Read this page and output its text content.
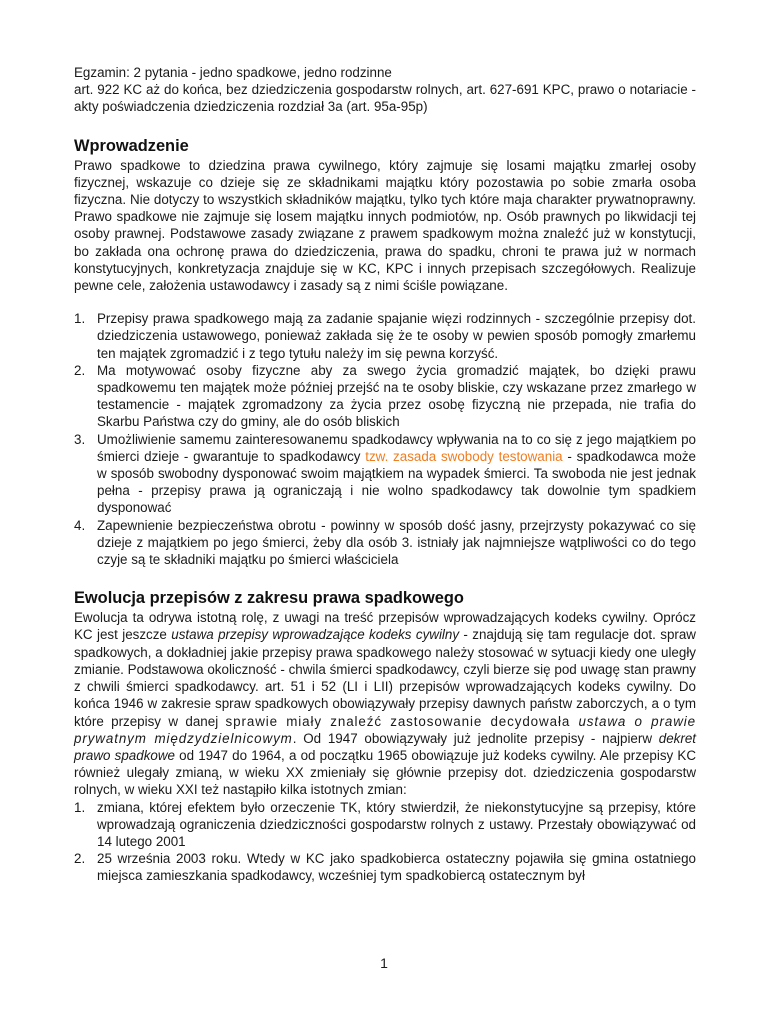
Egzamin: 2 pytania - jedno spadkowe, jedno rodzinne

art. 922 KC aż do końca, bez dziedziczenia gospodarstw rolnych, art. 627-691 KPC, prawo o notariacie - akty poświadczenia dziedziczenia rozdział 3a (art. 95a-95p)

Wprowadzenie

Prawo spadkowe to dziedzina prawa cywilnego, który zajmuje się losami majątku zmarłej osoby fizycznej, wskazuje co dzieje się ze składnikami majątku który pozostawia po sobie zmarła osoba fizyczna. Nie dotyczy to wszystkich składników majątku, tylko tych które maja charakter prywatnoprawny. Prawo spadkowe nie zajmuje się losem majątku innych podmiotów, np. Osób prawnych po likwidacji tej osoby prawnej. Podstawowe zasady związane z prawem spadkowym można znaleźć już w konstytucji, bo zakłada ona ochronę prawa do dziedziczenia, prawa do spadku, chroni te prawa już w normach konstytucyjnych, konkretyzacja znajduje się w KC, KPC i innych przepisach szczegółowych. Realizuje pewne cele, założenia ustawodawcy i zasady są z nimi ściśle powiązane.

1. Przepisy prawa spadkowego mają za zadanie spajanie więzi rodzinnych - szczególnie przepisy dot. dziedziczenia ustawowego, ponieważ zakłada się że te osoby w pewien sposób pomogły zmarłemu ten majątek zgromadzić i z tego tytułu należy im się pewna korzyść.
2. Ma motywować osoby fizyczne aby za swego życia gromadzić majątek, bo dzięki prawu spadkowemu ten majątek może później przejść na te osoby bliskie, czy wskazane przez zmarłego w testamencie - majątek zgromadzony za życia przez osobę fizyczną nie przepada, nie trafia do Skarbu Państwa czy do gminy, ale do osób bliskich
3. Umożliwienie samemu zainteresowanemu spadkodawcy wpływania na to co się z jego majątkiem po śmierci dzieje - gwarantuje to spadkodawcy tzw. zasada swobody testowania - spadkodawca może w sposób swobodny dysponować swoim majątkiem na wypadek śmierci. Ta swoboda nie jest jednak pełna - przepisy prawa ją ograniczają i nie wolno spadkodawcy tak dowolnie tym spadkiem dysponować
4. Zapewnienie bezpieczeństwa obrotu - powinny w sposób dość jasny, przejrzysty pokazywać co się dzieje z majątkiem po jego śmierci, żeby dla osób 3. istniały jak najmniejsze wątpliwości co do tego czyje są te składniki majątku po śmierci właściciela
Ewolucja przepisów z zakresu prawa spadkowego

Ewolucja ta odrywa istotną rolę, z uwagi na treść przepisów wprowadzających kodeks cywilny. Oprócz KC jest jeszcze ustawa przepisy wprowadzające kodeks cywilny - znajdują się tam regulacje dot. spraw spadkowych, a dokładniej jakie przepisy prawa spadkowego należy stosować w sytuacji kiedy one uległy zmianie. Podstawowa okoliczność - chwila śmierci spadkodawcy, czyli bierze się pod uwagę stan prawny z chwili śmierci spadkodawcy. art. 51 i 52 (LI i LII) przepisów wprowadzających kodeks cywilny. Do końca 1946 w zakresie spraw spadkowych obowiązywały przepisy dawnych państw zaborczych, a o tym które przepisy w danej sprawie miały znaleźć zastosowanie decydowała ustawa o prawie prywatnym międzydzielnicowym. Od 1947 obowiązywały już jednolite przepisy - najpierw dekret prawo spadkowe od 1947 do 1964, a od początku 1965 obowiązuje już kodeks cywilny. Ale przepisy KC również ulegały zmianą, w wieku XX zmieniały się głównie przepisy dot. dziedziczenia gospodarstw rolnych, w wieku XXI też nastąpiło kilka istotnych zmian:

1. zmiana, której efektem było orzeczenie TK, który stwierdził, że niekonstytucyjne są przepisy, które wprowadzają ograniczenia dziedziczności gospodarstw rolnych z ustawy. Przestały obowiązywać od 14 lutego 2001
2. 25 września 2003 roku. Wtedy w KC jako spadkobierca ostateczny pojawiła się gmina ostatniego miejsca zamieszkania spadkodawcy, wcześniej tym spadkobiercą ostatecznym był
1
